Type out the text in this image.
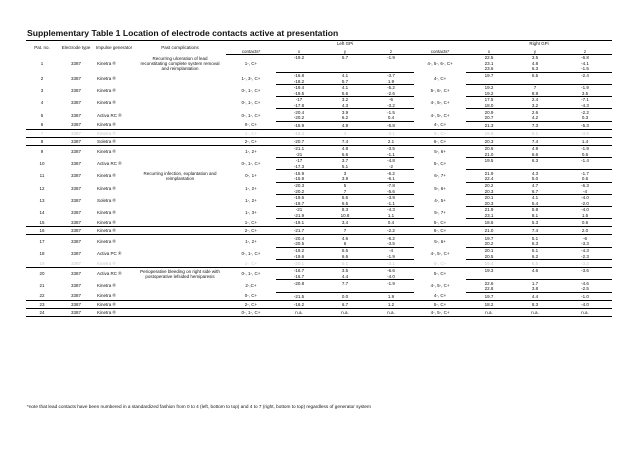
Supplementary Table 1 Location of electrode contacts active at presentation
Pat. no.	Electrode type	Impulse generator	Past complications		Left GPi				Right GPi		

				contacts*	x	y	z	contacts*	x	y	z
1	3387	Kinetra ®	Recurring ulceration of lead reconstitating complete system removal and reimplantation	1-, C+	-19.2	5.7	-1.9	4-, 5-, 6-, C+	22.5	3.5	-6.8
									23.1	4.8	-4.1
									23.6	6.3	-1.5
2	3387	Kinetra ®		1-, 3-, C+	-16.8	4.1	-3.7	4-, C+	19.7	6.5	-2.4
					-18.2	5.7	1.9				
3	3387	Kinetra ®		0-, 1-, C+	-19.4	4.1	-5.2	5-, 6-, C+	19.2	7	-1.9
					-19.5	5.6	-2.6		19.2	8.9	3.5
4	3387	Kinetra ®		0-, 1-, C+	-17	3.2	-6	4-, 5-, C+	17.5	2.4	-7.1
					-17.8	4.3	-3.2		18.0	3.2	-4.3
5	3387	Activa RC ®		0-, 1-, C+	-20.4	3.9	-1.5	4-, 5-, C+	20.9	2.6	-2.2
					-20.2	6.2	0.4		20.7	4.2	0.3
6	3387	Kinetra ®		0-, C+	-15.9	4.9	-5.8	4-, C+	21.3	7.3	-5.3
7	3387	Kinetra ®		1-, C+	-18.4	4	-3.1	5-, C+	19.9	6.1	-3.8
8	3387	Soletra ®		2-, C+	-20.7	7.4	2.1	6-, C+	20.3	7.4	1.4
9	3387	Kinetra ®		1-, 2+	-21.1	4.8	-3.5	5-, 6+	20.6	4.9	-1.9
					-21	6.6	-1.1		21.0	6.6	0.6
10	3387	Activa RC ®		0-, 1-, C+	-17	3.7	-4.8	5-, C+	19.5	6.3	-1.4
					-17.3	5.1	-2				
11	3387	Kinetra ®	Recurring infection, explantation and reimplantation	0-, 1+	-15.9	3	-6.2	6-, 7+	21.9	4.3	-1.7
					-15.9	3.9	-6.1		22.4	5.0	0.6
12	3387	Kinetra ®		1-, 2+	-20.3	5	-7.8	5-, 6+	20.2	4.7	-6.3
					-20.2	7	-5.6		20.3	6.7	-4
13	3387	Soletra ®		1-, 2+	-19.6	5.6	-3.9	4-, 5+	20.1	4.1	-4.0
					-19.7	6.5	-1.1		20.3	5.4	-2.0
14	3387	Kinetra ®		1-, 3+	-21	8.3	-4.3	5-, 7+	21.9	5.8	-4.0
					-21.9	10.8	1.1		23.1	8.1	1.5
15	3387	Kinetra ®		1-, C+	-19.1	3.4	0.4	5-, C+	18.6	5.3	0.6
16	3387	Kinetra ®		2-, C+	-21.7	7	-2.2	6-, C+	21.0	7.4	2.0
17	3387	Kinetra ®		1-, 2+	-20.4	4.6	-6.2	5-, 6+	19.7	5.1	-6
					-20.5	6	-3.5		20.2	6.3	-3.3
18	3387	Activa PC ®		0-, 1-, C+	-19.2	5.5	-4	4-, 5-, C+	20.1	5.1	-4.3
					-19.6	6.6	-1.9		20.5	6.2	-2.3
19	3387	Kinetra ®		1-, C+	-20.1	5.1	-3.1	5-, C+	19.4	5.5	-3.3
20	3387	Activa RC ®	Perioperative bleeding on right side with postoperative lefsided hemiparesis	0-, 1-, C+	-16.7	3.5	-6.6	5-, C+	19.3	4.6	-3.6
					-16.7	4.4	-4.0				
21	3387	Kinetra ®		2-,C+	-20.8	7.7	-1.9	4-, 5-, C+	22.6	1.7	-4.6
									22.8	3.8	-2.5
22	3387	Kinetra ®		0-, C+	-21.5	0.0	1.9	4-, C+	19.7	4.4	-1.0
23	3387	Kinetra ®		2-, C+	-16.2	6.7	1.2	5-, C+	18.2	8.3	-4.0
24	3387	Kinetra ®		0-, 1-, C+	n.a.	n.a.	n.a.	4-, 5-, C+	n.a.	n.a.	n.a.
*note that lead contacts have been numbered in a standardized fashion from 0 to 4 (left, bottom to top) and 4 to 7 (right, bottom to top) regardless of generator system
